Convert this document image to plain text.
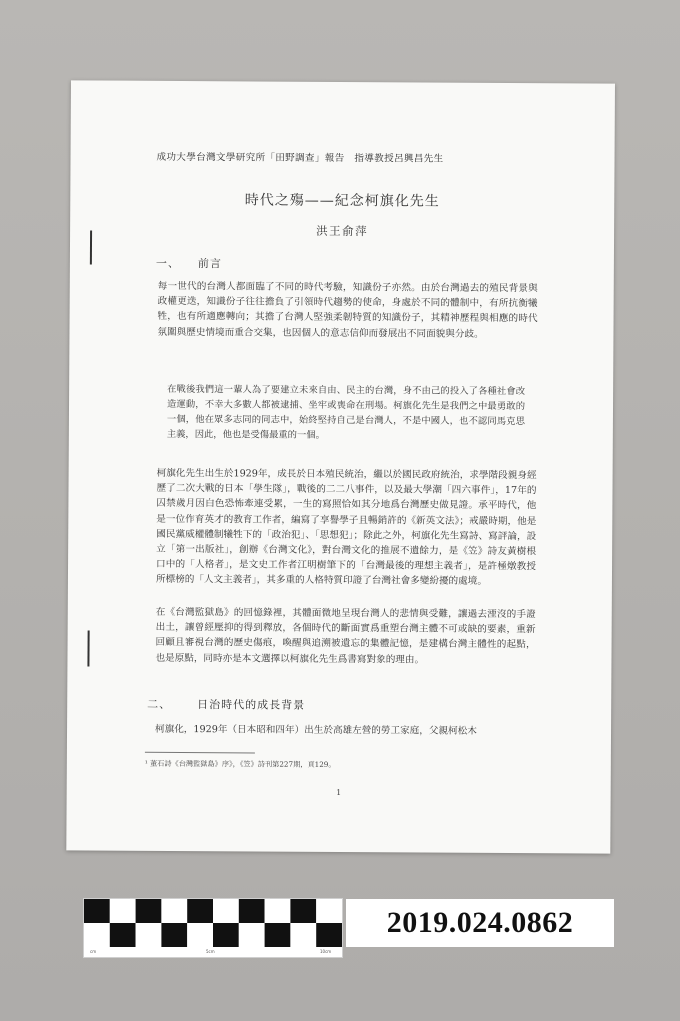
成功大學台灣文學研究所「田野調查」報告　指導教授呂興昌先生
時代之殤——紀念柯旗化先生
洪王俞萍
一、 前言
每一世代的台灣人都面臨了不同的時代考驗，知識份子亦然。由於台灣過去的殖民背景與政權更迭，知識份子往往擔負了引領時代趨勢的使命，身處於不同的體制中，有所抗衡犧牲，也有所適應轉向；其擔了台灣人堅強柔韌特質的知識份子，其精神歷程與相應的時代氛圍與歷史情境而重合交集，也因個人的意志信仰而發展出不同面貌與分歧。
在戰後我們這一輩人為了要建立未來自由、民主的台灣，身不由己的投入了各種社會改造運動，不幸大多數人都被逮捕、坐牢或喪命在刑場。柯旗化先生是我們之中最勇敢的一個，他在眾多志同的同志中，始終堅持自己是台灣人，不是中國人，也不認同馬克思主義，因此，他也是受傷最重的一個。
柯旗化先生出生於1929年，成長於日本殖民統治，繼以於國民政府統治，求學階段親身經歷了二次大戰的日本「學生隊」，戰後的二二八事件，以及最大學潮「四六事件」，17年的囚禁歲月因白色恐怖牽連受累，一生的寫照恰如其分地爲台灣歷史做見證。承平時代，他是一位作育英才的教育工作者，編寫了享譽學子且暢銷許的《新英文法》；戒嚴時期，他是國民黨威權體制犧牲下的「政治犯」、「思想犯」；除此之外，柯旗化先生寫詩、寫評論，設立「第一出版社」，創辦《台灣文化》，對台灣文化的推展不遺餘力，是《笠》詩友黃樹根口中的「人格者」，是文史工作者江明樹筆下的「台灣最後的理想主義者」，是許極燉教授所標榜的「人文主義者」，其多重的人格特質印證了台灣社會多變紛擾的處境。
在《台灣監獄島》的回憶錄裡，其體面微地呈現台灣人的悲情與受難，讓過去湮沒的手證出土，讓曾經壓抑的得到釋放，各個時代的斷面實爲重塑台灣主體不可或缺的要素，重新回顧且審視台灣的歷史傷痕，喚醒與追溯被遺忘的集體記憶，是建構台灣主體性的起點，也是原點，同時亦是本文選擇以柯旗化先生爲書寫對象的理由。
二、 日治時代的成長背景
柯旗化，1929年（日本昭和四年）出生於高雄左營的勞工家庭，父親柯松木
¹ 董石詩《台灣監獄島》序》，《笠》詩刊第227期，頁129。
1
cm	5cm	10cm
2019.024.0862
